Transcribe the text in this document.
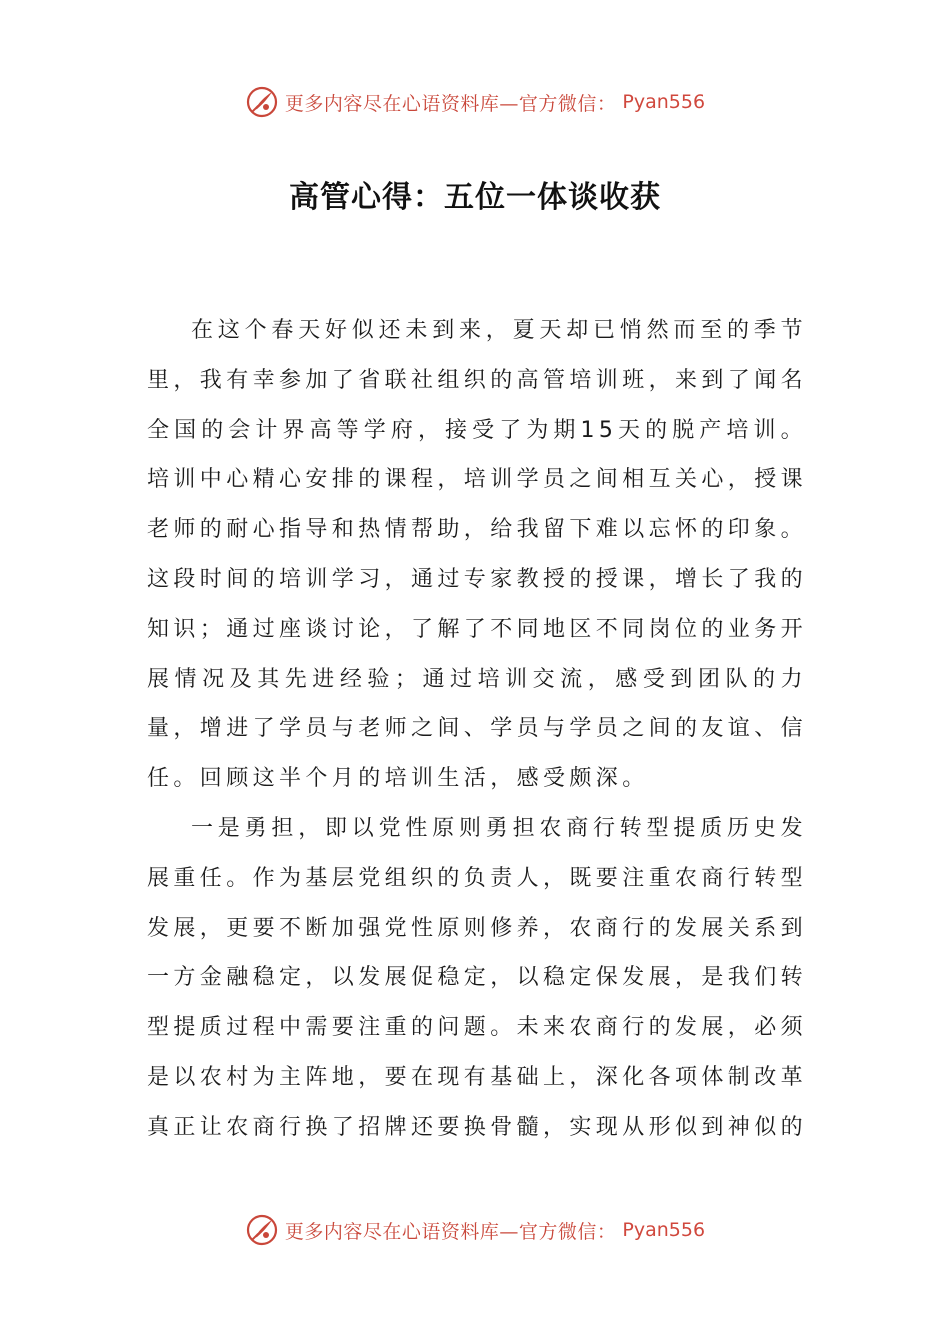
更多内容尽在心语资料库—官方微信： Pyan556
高管心得：五位一体谈收获

在这个春天好似还未到来，夏天却已悄然而至的季节里，我有幸参加了省联社组织的高管培训班，来到了闻名全国的会计界高等学府，接受了为期15天的脱产培训。培训中心精心安排的课程，培训学员之间相互关心，授课老师的耐心指导和热情帮助，给我留下难以忘怀的印象。这段时间的培训学习，通过专家教授的授课，增长了我的知识；通过座谈讨论，了解了不同地区不同岗位的业务开展情况及其先进经验；通过培训交流，感受到团队的力量，增进了学员与老师之间、学员与学员之间的友谊、信任。回顾这半个月的培训生活，感受颇深。

一是勇担，即以党性原则勇担农商行转型提质历史发展重任。作为基层党组织的负责人，既要注重农商行转型发展，更要不断加强党性原则修养，农商行的发展关系到一方金融稳定，以发展促稳定，以稳定保发展，是我们转型提质过程中需要注重的问题。未来农商行的发展，必须是以农村为主阵地，要在现有基础上，深化各项体制改革真正让农商行换了招牌还要换骨髓，实现从形似到神似的

更多内容尽在心语资料库—官方微信： Pyan556
